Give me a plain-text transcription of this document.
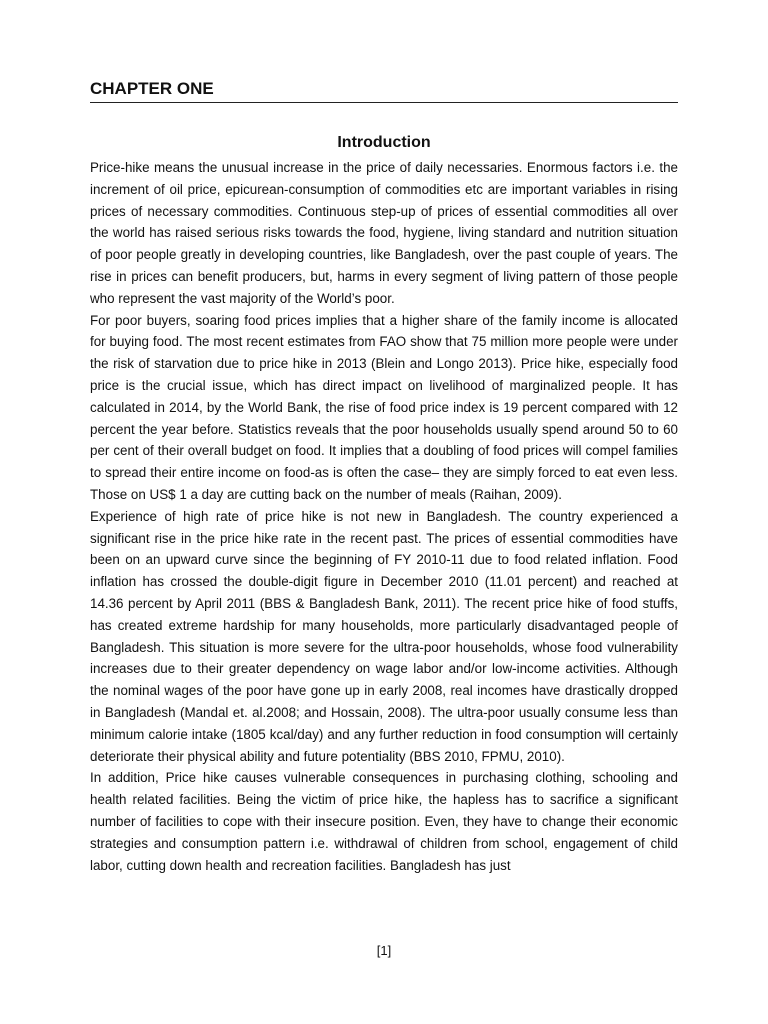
CHAPTER ONE
Introduction

Price-hike means the unusual increase in the price of daily necessaries. Enormous factors i.e. the increment of oil price, epicurean-consumption of commodities etc are important variables in rising prices of necessary commodities. Continuous step-up of prices of essential commodities all over the world has raised serious risks towards the food, hygiene, living standard and nutrition situation of poor people greatly in developing countries, like Bangladesh, over the past couple of years. The rise in prices can benefit producers, but, harms in every segment of living pattern of those people who represent the vast majority of the World’s poor.

For poor buyers, soaring food prices implies that a higher share of the family income is allocated for buying food. The most recent estimates from FAO show that 75 million more people were under the risk of starvation due to price hike in 2013 (Blein and Longo 2013). Price hike, especially food price is the crucial issue, which has direct impact on livelihood of marginalized people. It has calculated in 2014, by the World Bank, the rise of food price index is 19 percent compared with 12 percent the year before. Statistics reveals that the poor households usually spend around 50 to 60 per cent of their overall budget on food. It implies that a doubling of food prices will compel families to spread their entire income on food-as is often the case– they are simply forced to eat even less. Those on US$ 1 a day are cutting back on the number of meals (Raihan, 2009).

Experience of high rate of price hike is not new in Bangladesh. The country experienced a significant rise in the price hike rate in the recent past. The prices of essential commodities have been on an upward curve since the beginning of FY 2010-11 due to food related inflation. Food inflation has crossed the double-digit figure in December 2010 (11.01 percent) and reached at 14.36 percent by April 2011 (BBS & Bangladesh Bank, 2011). The recent price hike of food stuffs, has created extreme hardship for many households, more particularly disadvantaged people of Bangladesh. This situation is more severe for the ultra-poor households, whose food vulnerability increases due to their greater dependency on wage labor and/or low-income activities. Although the nominal wages of the poor have gone up in early 2008, real incomes have drastically dropped in Bangladesh (Mandal et. al.2008; and Hossain, 2008). The ultra-poor usually consume less than minimum calorie intake (1805 kcal/day) and any further reduction in food consumption will certainly deteriorate their physical ability and future potentiality (BBS 2010, FPMU, 2010).

In addition, Price hike causes vulnerable consequences in purchasing clothing, schooling and health related facilities. Being the victim of price hike, the hapless has to sacrifice a significant number of facilities to cope with their insecure position. Even, they have to change their economic strategies and consumption pattern i.e. withdrawal of children from school, engagement of child labor, cutting down health and recreation facilities. Bangladesh has just

[1]
